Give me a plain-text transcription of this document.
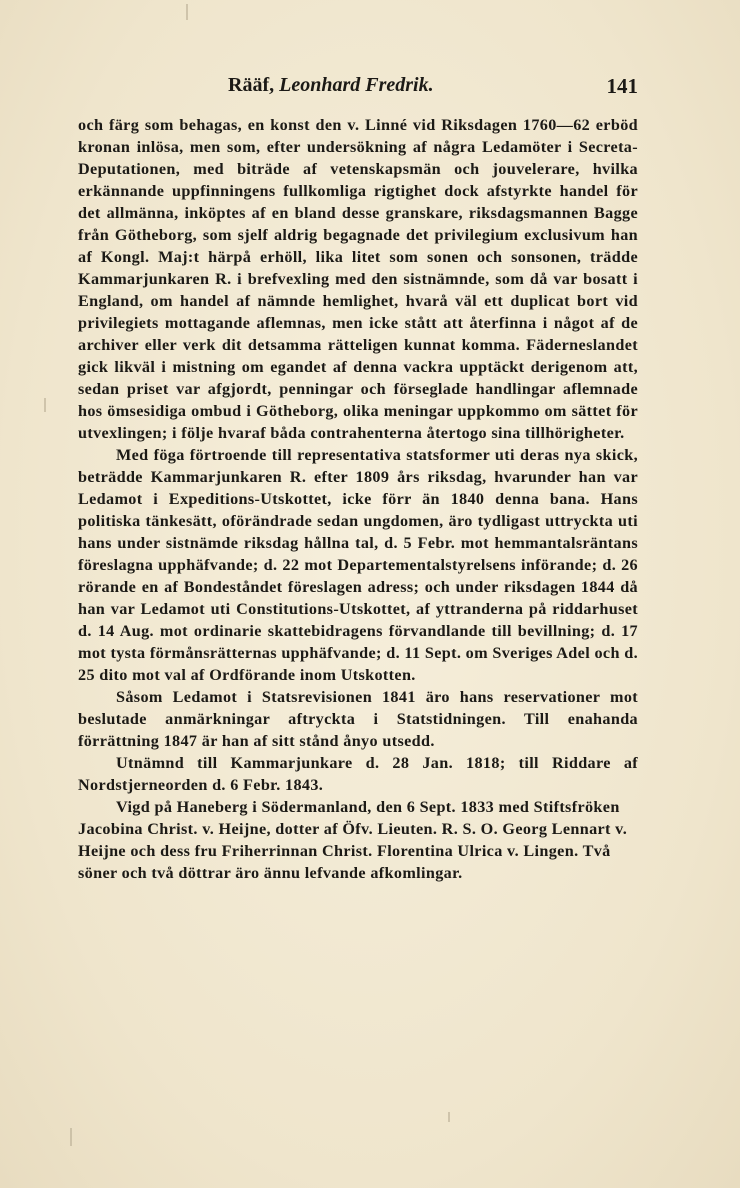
Rääf, Leonhard Fredrik.	141

och färg som behagas, en konst den v. Linné vid Riksdagen 1760—62 erböd kronan inlösa, men som, efter undersökning af några Ledamöter i Secreta-Deputationen, med biträde af vetenskapsmän och jouvelerare, hvilka erkännande uppfinningens fullkomliga rigtighet dock afstyrkte handel för det allmänna, inköptes af en bland desse granskare, riksdagsmannen Bagge från Götheborg, som sjelf aldrig begagnade det privilegium exclusivum han af Kongl. Maj:t härpå erhöll, lika litet som sonen och sonsonen, trädde Kammarjunkaren R. i brefvexling med den sistnämnde, som då var bosatt i England, om handel af nämnde hemlighet, hvarå väl ett duplicat bort vid privilegiets mottagande aflemnas, men icke stått att återfinna i något af de archiver eller verk dit detsamma rätteligen kunnat komma. Fäderneslandet gick likväl i mistning om egandet af denna vackra upptäckt derigenom att, sedan priset var afgjordt, penningar och förseglade handlingar aflemnade hos ömsesidiga ombud i Götheborg, olika meningar uppkommo om sättet för utvexlingen; i följe hvaraf båda contrahenterna återtogo sina tillhörigheter.

Med föga förtroende till representativa statsformer uti deras nya skick, beträdde Kammarjunkaren R. efter 1809 års riksdag, hvarunder han var Ledamot i Expeditions-Utskottet, icke förr än 1840 denna bana. Hans politiska tänkesätt, oförändrade sedan ungdomen, äro tydligast uttryckta uti hans under sistnämde riksdag hållna tal, d. 5 Febr. mot hemmantalsräntans föreslagna upphäfvande; d. 22 mot Departementalstyrelsens införande; d. 26 rörande en af Bondeståndet föreslagen adress; och under riksdagen 1844 då han var Ledamot uti Constitutions-Utskottet, af yttranderna på riddarhuset d. 14 Aug. mot ordinarie skattebidragens förvandlande till bevillning; d. 17 mot tysta förmånsrätternas upphäfvande; d. 11 Sept. om Sveriges Adel och d. 25 dito mot val af Ordförande inom Utskotten.

Såsom Ledamot i Statsrevisionen 1841 äro hans reservationer mot beslutade anmärkningar aftryckta i Statstidningen. Till enahanda förrättning 1847 är han af sitt stånd ånyo utsedd.

Utnämnd till Kammarjunkare d. 28 Jan. 1818; till Riddare af Nordstjerneorden d. 6 Febr. 1843.

Vigd på Haneberg i Södermanland, den 6 Sept. 1833 med Stiftsfröken Jacobina Christ. v. Heijne, dotter af Öfv. Lieuten. R. S. O. Georg Lennart v. Heijne och dess fru Friherrinnan Christ. Florentina Ulrica v. Lingen. Två söner och två döttrar äro ännu lefvande afkomlingar.
